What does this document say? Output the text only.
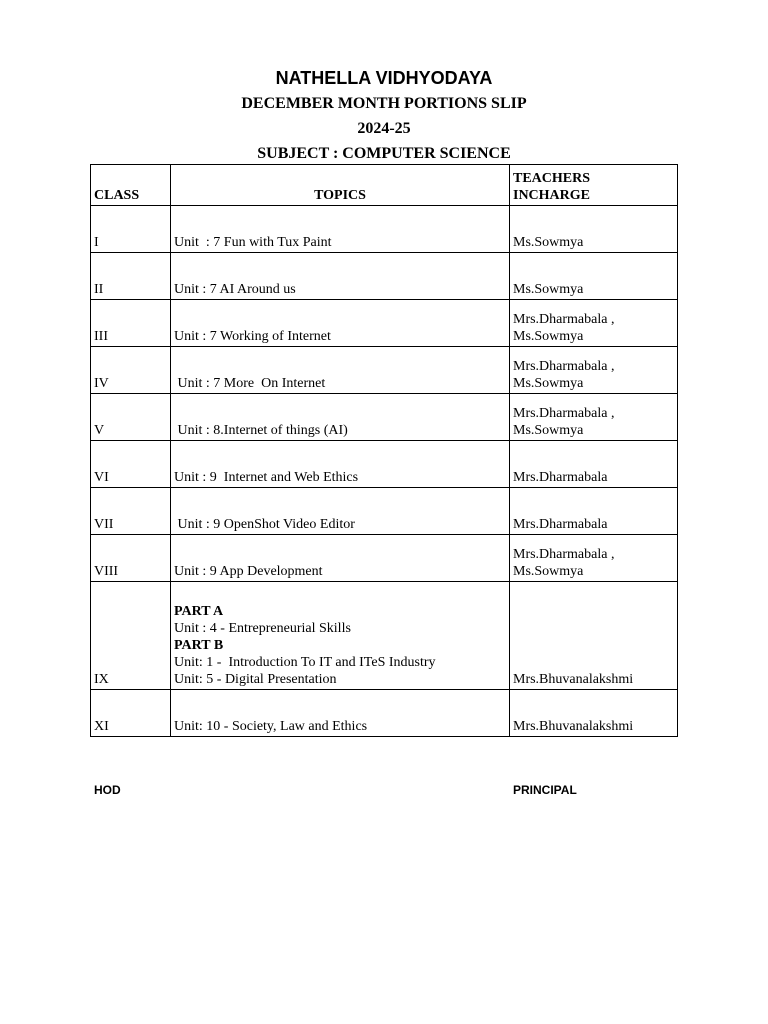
NATHELLA VIDHYODAYA
DECEMBER MONTH PORTIONS SLIP
2024-25
SUBJECT : COMPUTER SCIENCE
CLASS	TOPICS	TEACHERS
INCHARGE

I	Unit  : 7 Fun with Tux Paint	Ms.Sowmya

II	Unit : 7 AI Around us	Ms.Sowmya

III	Unit : 7 Working of Internet	Mrs.Dharmabala ,
Ms.Sowmya

IV	Unit : 7 More  On Internet	Mrs.Dharmabala ,
Ms.Sowmya

V	Unit : 8.Internet of things (AI)	Mrs.Dharmabala ,
Ms.Sowmya

VI	Unit : 9  Internet and Web Ethics	Mrs.Dharmabala

VII	Unit : 9 OpenShot Video Editor	Mrs.Dharmabala

VIII	Unit : 9 App Development	Mrs.Dharmabala ,
Ms.Sowmya

IX	PART A
Unit : 4 - Entrepreneurial Skills
PART B
Unit: 1 -  Introduction To IT and ITeS Industry
Unit: 5 - Digital Presentation	Mrs.Bhuvanalakshmi

XI	Unit: 10 - Society, Law and Ethics	Mrs.Bhuvanalakshmi
HOD	PRINCIPAL
